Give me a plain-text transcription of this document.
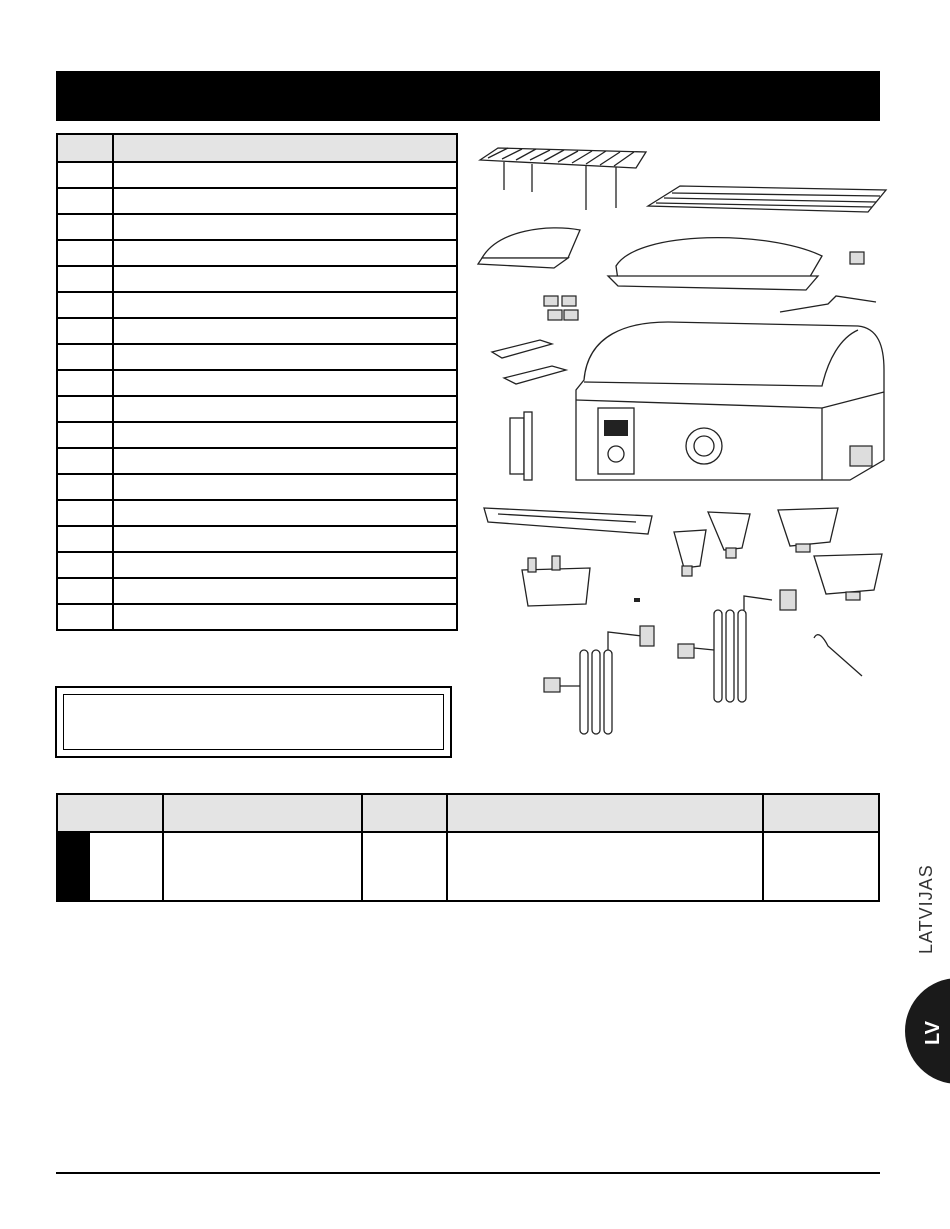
LATVIJAS
LV
